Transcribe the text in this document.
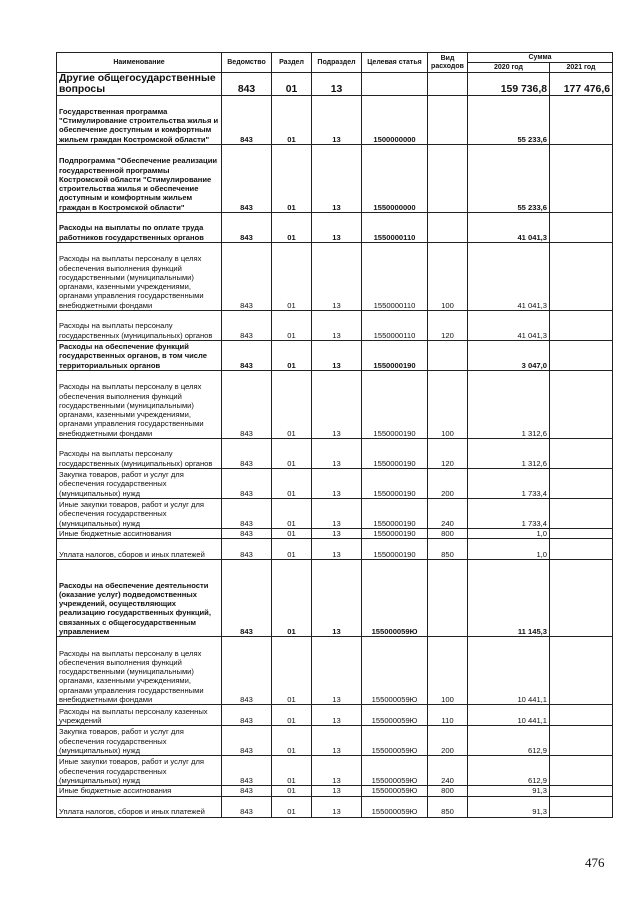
Наименование	Ведомство	Раздел	Подраздел	Целевая статья	Вид расходов	Сумма	
						2020 год	2021 год
Другие общегосударственные вопросы	843	01	13			159 736,8	177 476,6
Государственная программа "Стимулирование строительства жилья и обеспечение доступным и комфортным жильем граждан Костромской области"	843	01	13	1500000000		55 233,6	
Подпрограмма "Обеспечение реализации государственной программы Костромской области "Стимулирование строительства жилья и обеспечение доступным и комфортным жильем граждан в Костромской области"	843	01	13	1550000000		55 233,6	
Расходы на выплаты по оплате труда работников государственных органов	843	01	13	1550000110		41 041,3	
Расходы на выплаты персоналу в целях обеспечения выполнения функций государственными (муниципальными) органами, казенными учреждениями, органами управления государственными внебюджетными фондами	843	01	13	1550000110	100	41 041,3	
Расходы на выплаты персоналу государственных (муниципальных) органов	843	01	13	1550000110	120	41 041,3	
Расходы на обеспечение функций государственных органов, в том числе территориальных органов	843	01	13	1550000190		3 047,0	
Расходы на выплаты персоналу в целях обеспечения выполнения функций государственными (муниципальными) органами, казенными учреждениями, органами управления государственными внебюджетными фондами	843	01	13	1550000190	100	1 312,6	
Расходы на выплаты персоналу государственных (муниципальных) органов	843	01	13	1550000190	120	1 312,6	
Закупка товаров, работ и услуг для обеспечения государственных (муниципальных) нужд	843	01	13	1550000190	200	1 733,4	
Иные закупки товаров, работ и услуг для обеспечения государственных (муниципальных) нужд	843	01	13	1550000190	240	1 733,4	
Иные бюджетные ассигнования	843	01	13	1550000190	800	1,0	
Уплата налогов, сборов и иных платежей	843	01	13	1550000190	850	1,0	
Расходы на обеспечение деятельности (оказание услуг) подведомственных учреждений, осуществляющих реализацию государственных функций, связанных с общегосударственным управлением	843	01	13	155000059Ю		11 145,3	
Расходы на выплаты персоналу в целях обеспечения выполнения функций государственными (муниципальными) органами, казенными учреждениями, органами управления государственными внебюджетными фондами	843	01	13	155000059Ю	100	10 441,1	
Расходы на выплаты персоналу казенных учреждений	843	01	13	155000059Ю	110	10 441,1	
Закупка товаров, работ и услуг для обеспечения государственных (муниципальных) нужд	843	01	13	155000059Ю	200	612,9	
Иные закупки товаров, работ и услуг для обеспечения государственных (муниципальных) нужд	843	01	13	155000059Ю	240	612,9	
Иные бюджетные ассигнования	843	01	13	155000059Ю	800	91,3	
Уплата налогов, сборов и иных платежей	843	01	13	155000059Ю	850	91,3	
476
